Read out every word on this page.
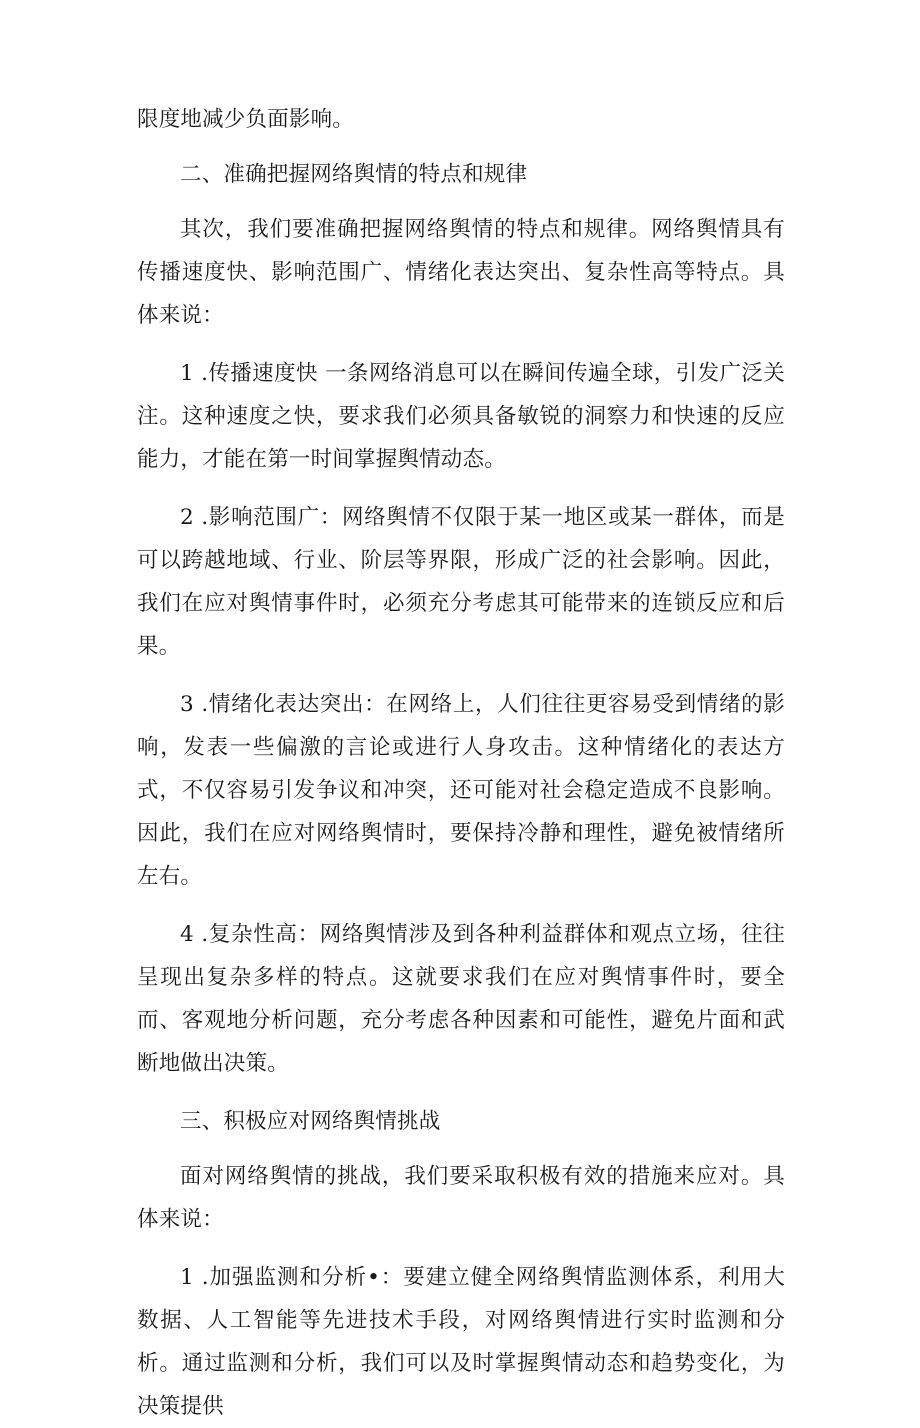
限度地减少负面影响。

二、准确把握网络舆情的特点和规律

其次，我们要准确把握网络舆情的特点和规律。网络舆情具有传播速度快、影响范围广、情绪化表达突出、复杂性高等特点。具体来说：

1 .传播速度快 一条网络消息可以在瞬间传遍全球，引发广泛关注。这种速度之快，要求我们必须具备敏锐的洞察力和快速的反应能力，才能在第一时间掌握舆情动态。

2 .影响范围广：网络舆情不仅限于某一地区或某一群体，而是可以跨越地域、行业、阶层等界限，形成广泛的社会影响。因此，我们在应对舆情事件时，必须充分考虑其可能带来的连锁反应和后果。

3 .情绪化表达突出：在网络上，人们往往更容易受到情绪的影响，发表一些偏激的言论或进行人身攻击。这种情绪化的表达方式，不仅容易引发争议和冲突，还可能对社会稳定造成不良影响。因此，我们在应对网络舆情时，要保持冷静和理性，避免被情绪所左右。

4 .复杂性高：网络舆情涉及到各种利益群体和观点立场，往往呈现出复杂多样的特点。这就要求我们在应对舆情事件时，要全而、客观地分析问题，充分考虑各种因素和可能性，避免片面和武断地做出决策。

三、积极应对网络舆情挑战

面对网络舆情的挑战，我们要采取积极有效的措施来应对。具体来说：

1 .加强监测和分析•：要建立健全网络舆情监测体系，利用大数据、人工智能等先进技术手段，对网络舆情进行实时监测和分析。通过监测和分析，我们可以及时掌握舆情动态和趋势变化，为决策提供
